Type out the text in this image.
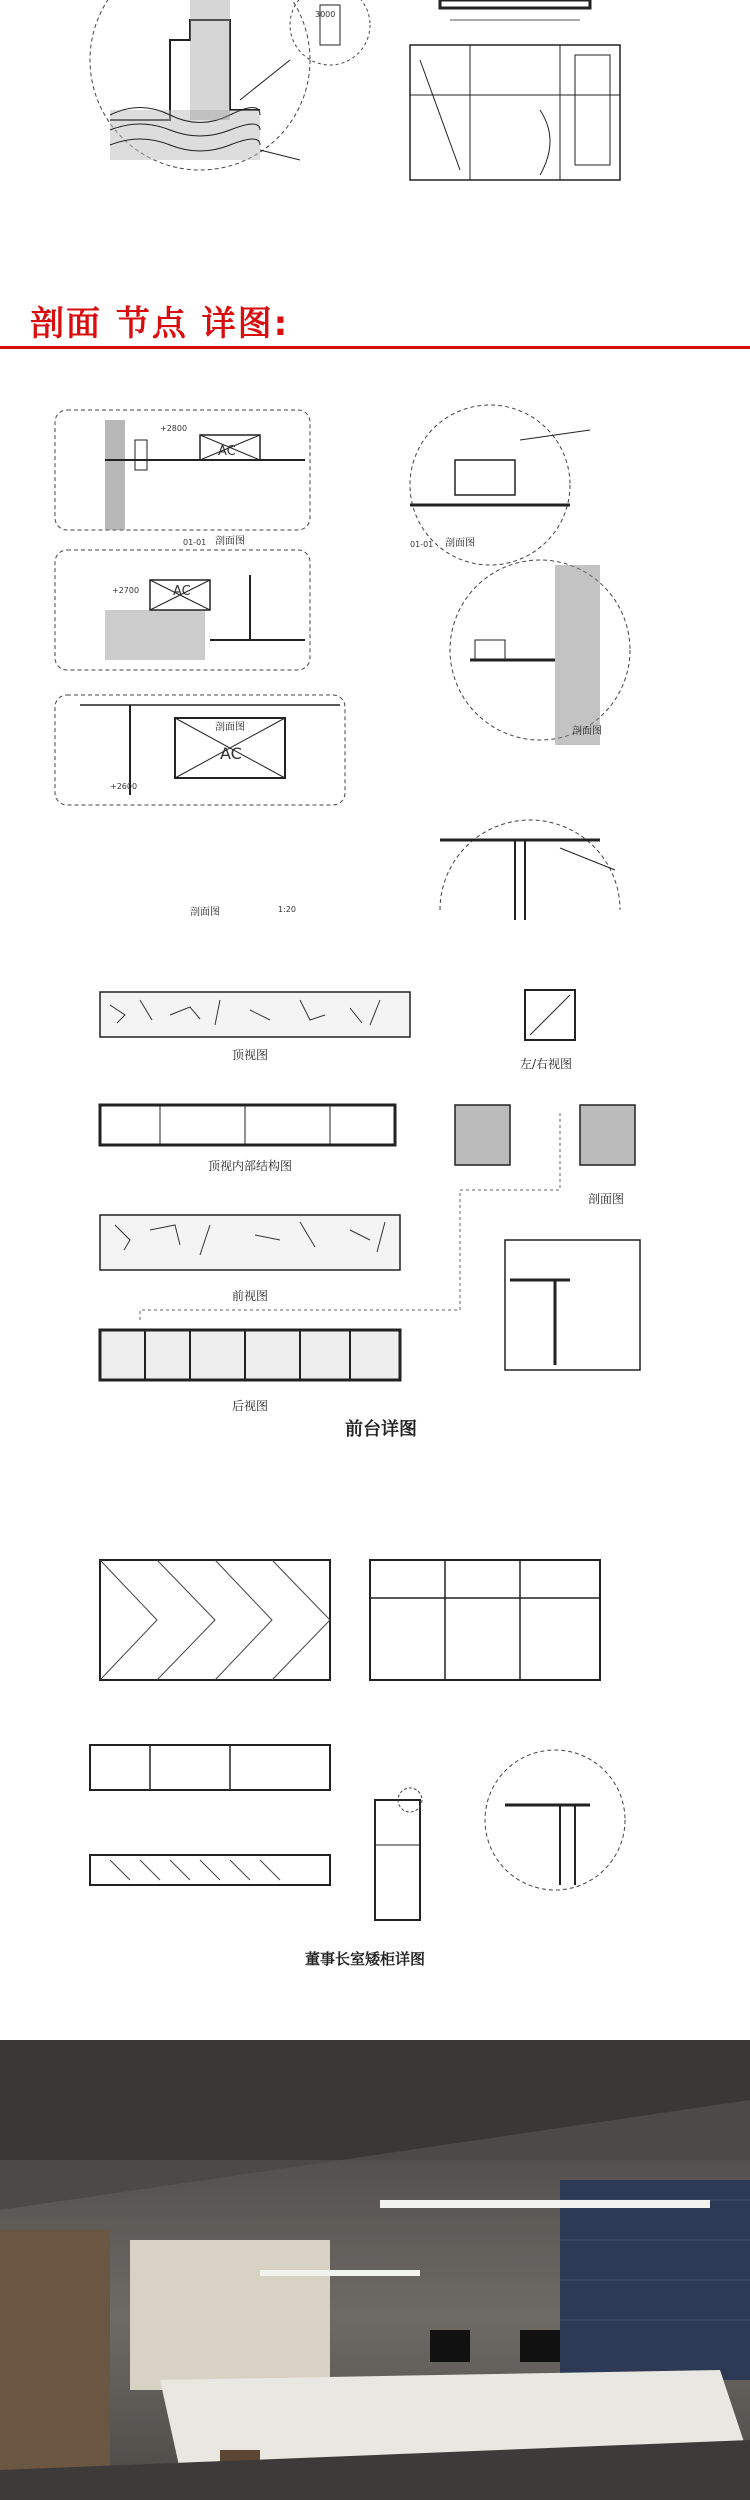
3000
剖面 节点 详图:
AC
AC
AC
+2800
+2700
+2600
01-01 剖面图	01-01 剖面图
剖面图	剖面图
剖面图	1:20
顶视图
顶视内部结构图
前视图
后视图
左/右视图
剖面图
前台详图
董事长室矮柜详图
